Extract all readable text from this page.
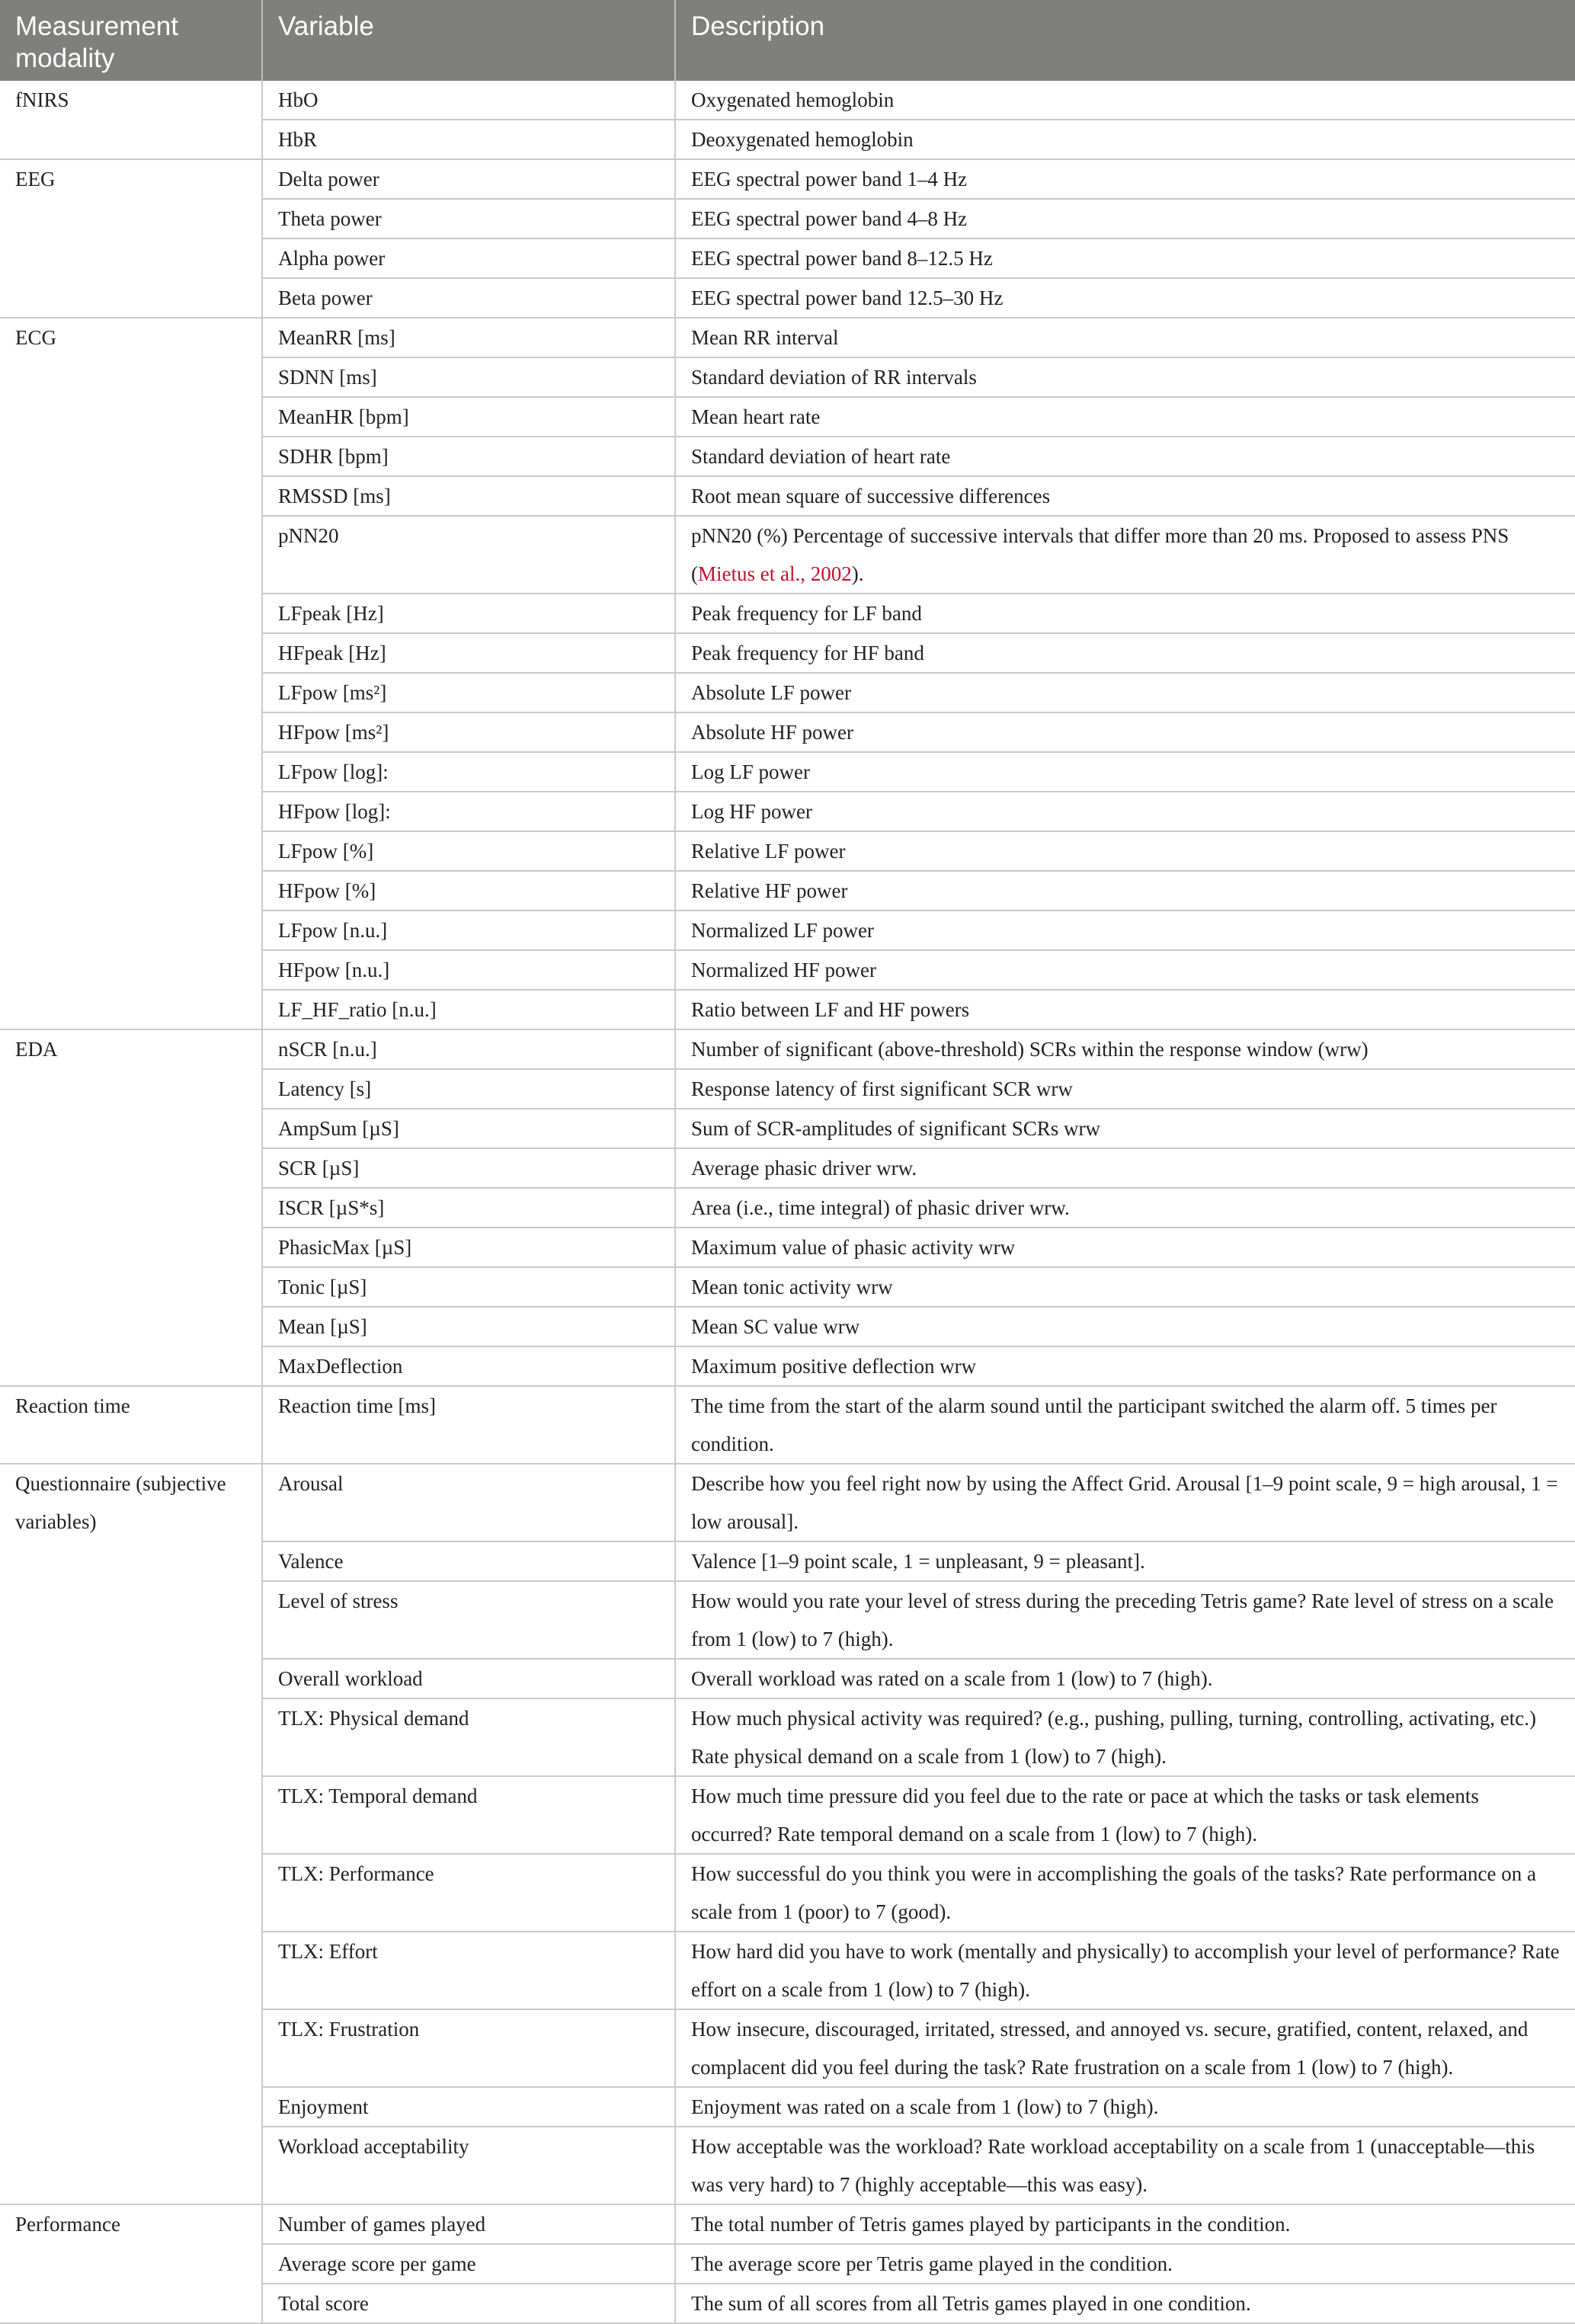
Measurement modality	Variable	Description
fNIRS	HbO	Oxygenated hemoglobin
	HbR	Deoxygenated hemoglobin
EEG	Delta power	EEG spectral power band 1–4 Hz
	Theta power	EEG spectral power band 4–8 Hz
	Alpha power	EEG spectral power band 8–12.5 Hz
	Beta power	EEG spectral power band 12.5–30 Hz
ECG	MeanRR [ms]	Mean RR interval
	SDNN [ms]	Standard deviation of RR intervals
	MeanHR [bpm]	Mean heart rate
	SDHR [bpm]	Standard deviation of heart rate
	RMSSD [ms]	Root mean square of successive differences
	pNN20	pNN20 (%) Percentage of successive intervals that differ more than 20 ms. Proposed to assess PNS (Mietus et al., 2002).
	LFpeak [Hz]	Peak frequency for LF band
	HFpeak [Hz]	Peak frequency for HF band
	LFpow [ms²]	Absolute LF power
	HFpow [ms²]	Absolute HF power
	LFpow [log]:	Log LF power
	HFpow [log]:	Log HF power
	LFpow [%]	Relative LF power
	HFpow [%]	Relative HF power
	LFpow [n.u.]	Normalized LF power
	HFpow [n.u.]	Normalized HF power
	LF_HF_ratio [n.u.]	Ratio between LF and HF powers
EDA	nSCR [n.u.]	Number of significant (above-threshold) SCRs within the response window (wrw)
	Latency [s]	Response latency of first significant SCR wrw
	AmpSum [µS]	Sum of SCR-amplitudes of significant SCRs wrw
	SCR [µS]	Average phasic driver wrw.
	ISCR [µS*s]	Area (i.e., time integral) of phasic driver wrw.
	PhasicMax [µS]	Maximum value of phasic activity wrw
	Tonic [µS]	Mean tonic activity wrw
	Mean [µS]	Mean SC value wrw
	MaxDeflection	Maximum positive deflection wrw
Reaction time	Reaction time [ms]	The time from the start of the alarm sound until the participant switched the alarm off. 5 times per condition.
Questionnaire (subjective variables)	Arousal	Describe how you feel right now by using the Affect Grid. Arousal [1–9 point scale, 9 = high arousal, 1 = low arousal].
	Valence	Valence [1–9 point scale, 1 = unpleasant, 9 = pleasant].
	Level of stress	How would you rate your level of stress during the preceding Tetris game? Rate level of stress on a scale from 1 (low) to 7 (high).
	Overall workload	Overall workload was rated on a scale from 1 (low) to 7 (high).
	TLX: Physical demand	How much physical activity was required? (e.g., pushing, pulling, turning, controlling, activating, etc.) Rate physical demand on a scale from 1 (low) to 7 (high).
	TLX: Temporal demand	How much time pressure did you feel due to the rate or pace at which the tasks or task elements occurred? Rate temporal demand on a scale from 1 (low) to 7 (high).
	TLX: Performance	How successful do you think you were in accomplishing the goals of the tasks? Rate performance on a scale from 1 (poor) to 7 (good).
	TLX: Effort	How hard did you have to work (mentally and physically) to accomplish your level of performance? Rate effort on a scale from 1 (low) to 7 (high).
	TLX: Frustration	How insecure, discouraged, irritated, stressed, and annoyed vs. secure, gratified, content, relaxed, and complacent did you feel during the task? Rate frustration on a scale from 1 (low) to 7 (high).
	Enjoyment	Enjoyment was rated on a scale from 1 (low) to 7 (high).
	Workload acceptability	How acceptable was the workload? Rate workload acceptability on a scale from 1 (unacceptable—this was very hard) to 7 (highly acceptable—this was easy).
Performance	Number of games played	The total number of Tetris games played by participants in the condition.
	Average score per game	The average score per Tetris game played in the condition.
	Total score	The sum of all scores from all Tetris games played in one condition.
